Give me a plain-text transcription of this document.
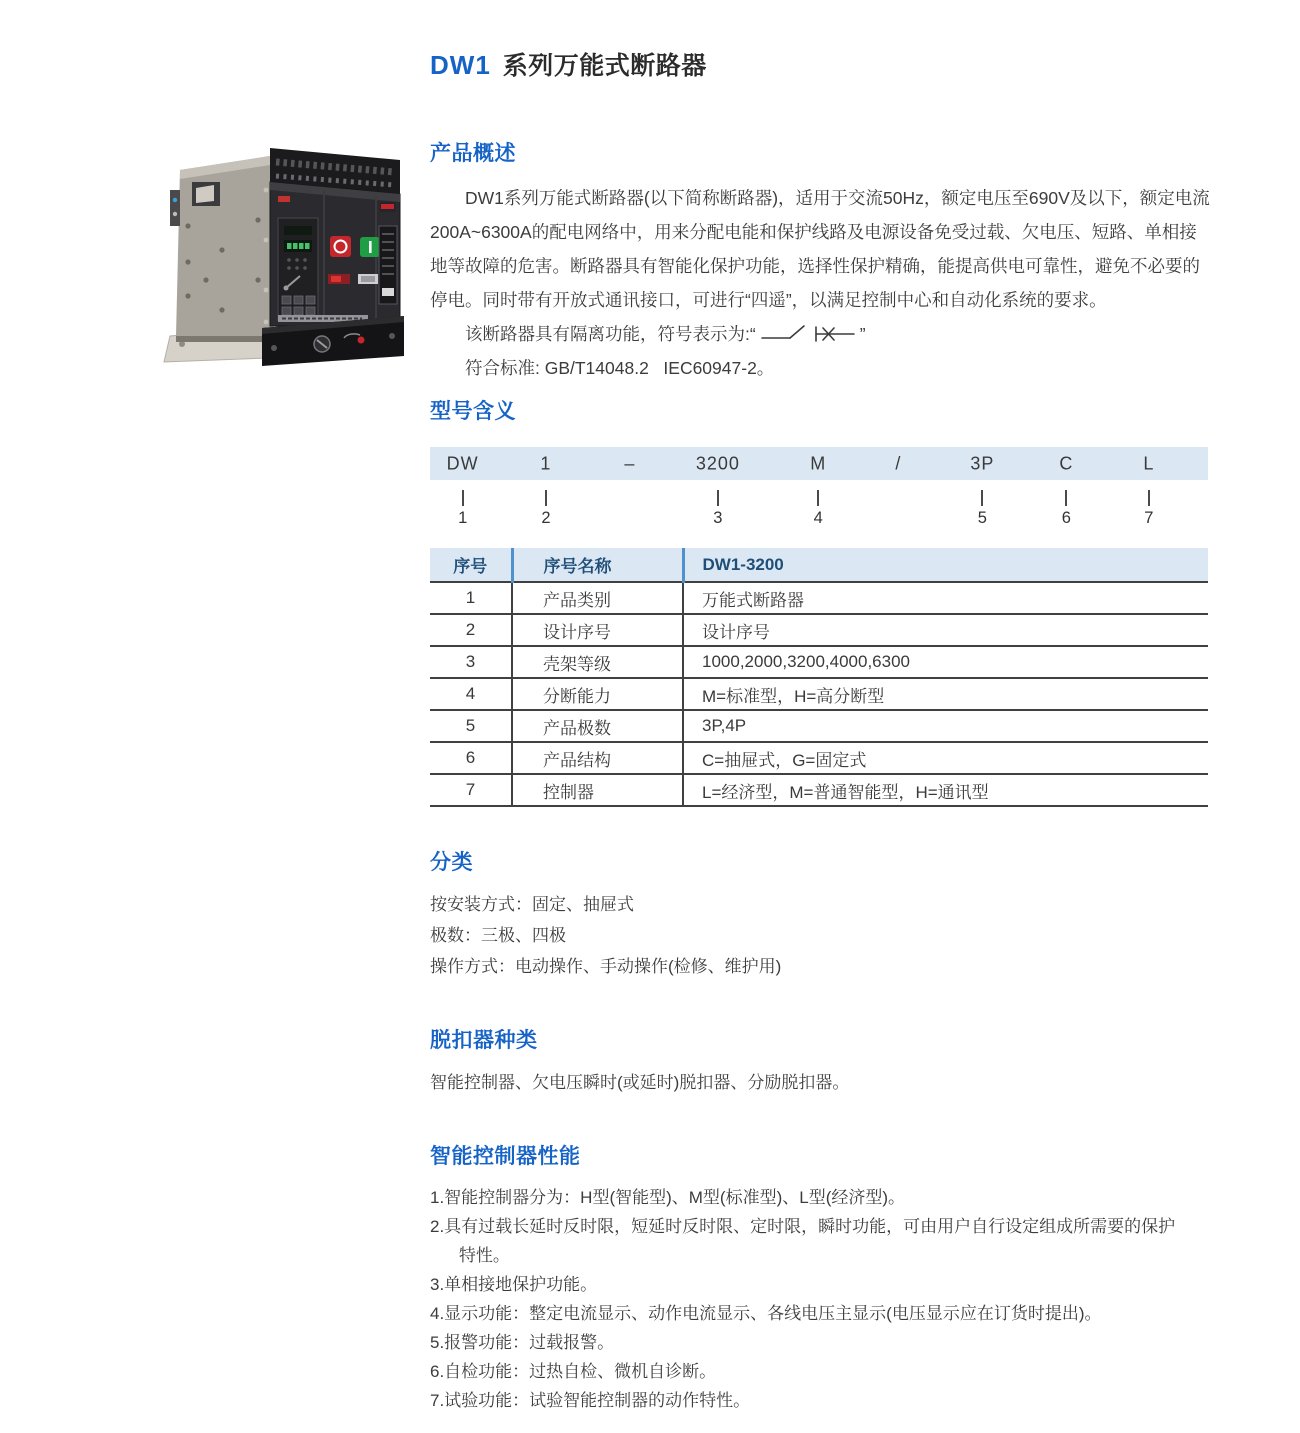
DW1 系列万能式断路器
产品概述

DW1系列万能式断路器(以下简称断路器)，适用于交流50Hz，额定电压至690V及以下，额定电流200A~6300A的配电网络中，用来分配电能和保护线路及电源设备免受过载、欠电压、短路、单相接地等故障的危害。断路器具有智能化保护功能，选择性保护精确，能提高供电可靠性，避免不必要的停电。同时带有开放式通讯接口，可进行“四遥”，以满足控制中心和自动化系统的要求。

该断路器具有隔离功能，符号表示为:“	”

符合标准: GB/T14048.2   IEC60947-2。

型号含义
DW	1	–	3200	M	/	3P	C	L
1	2	3	4	5	6	7
序号	序号名称	DW1-3200
1	产品类别	万能式断路器
2	设计序号	设计序号
3	壳架等级	1000,2000,3200,4000,6300
4	分断能力	M=标准型，H=高分断型
5	产品极数	3P,4P
6	产品结构	C=抽屉式，G=固定式
7	控制器	L=经济型，M=普通智能型，H=通讯型
分类
按安装方式：固定、抽屉式
极数：三极、四极
操作方式：电动操作、手动操作(检修、维护用)
脱扣器种类
智能控制器、欠电压瞬时(或延时)脱扣器、分励脱扣器。
智能控制器性能
1.智能控制器分为：H型(智能型)、M型(标准型)、L型(经济型)。
2.具有过载长延时反时限，短延时反时限、定时限，瞬时功能，可由用户自行设定组成所需要的保护特性。
3.单相接地保护功能。
4.显示功能：整定电流显示、动作电流显示、各线电压主显示(电压显示应在订货时提出)。
5.报警功能：过载报警。
6.自检功能：过热自检、微机自诊断。
7.试验功能：试验智能控制器的动作特性。
